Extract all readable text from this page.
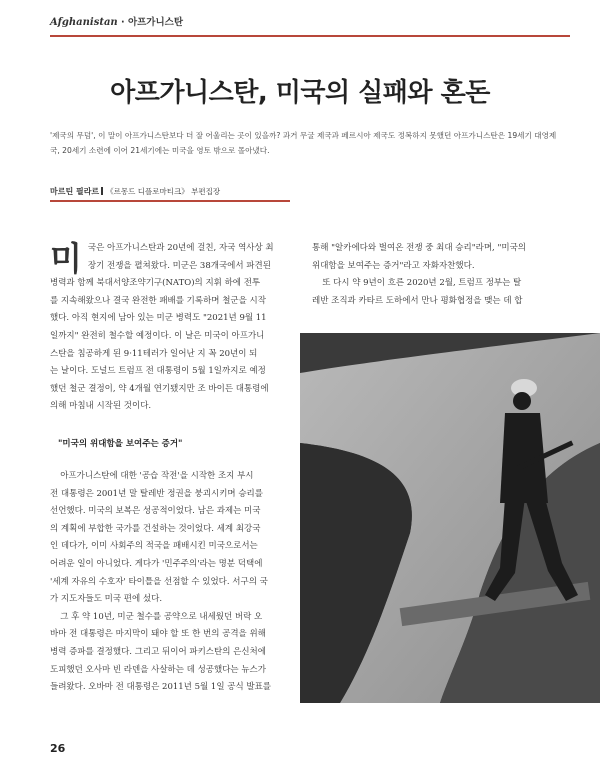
Afghanistan · 아프가니스탄
아프가니스탄, 미국의 실패와 혼돈
'제국의 무덤', 이 말이 아프가니스탄보다 더 잘 어울리는 곳이 있을까? 과거 무굴 제국과 페르시아 제국도 정복하지 못했던 아프가니스탄은 19세기 대영제국, 20세기 소련에 이어 21세기에는 미국을 영토 밖으로 몰아냈다.
마르틴 필라르 《르몽드 디플로마티크》 부편집장
미 국은 아프가니스탄과 20년에 걸친, 자국 역사상 최
장기 전쟁을 펼쳐왔다. 미군은 38개국에서 파견된
병력과 함께 북대서양조약기구(NATO)의 지휘 하에 전투
를 지속해왔으나 결국 완전한 패배를 기록하며 철군을 시작
했다. 아직 현지에 남아 있는 미군 병력도 "2021년 9월 11
일까지" 완전히 철수할 예정이다. 이 날은 미국이 아프가니
스탄을 침공하게 된 9·11테러가 일어난 지 꼭 20년이 되
는 날이다. 도널드 트럼프 전 대통령이 5월 1일까지로 예정
했던 철군 결정이, 약 4개월 연기됐지만 조 바이든 대통령에
의해 마침내 시작된 것이다.

"미국의 위대함을 보여주는 증거"

아프가니스탄에 대한 '공습 작전'을 시작한 조지 부시
전 대통령은 2001년 말 탈레반 정권을 붕괴시키며 승리를
선언했다. 미국의 보복은 성공적이었다. 남은 과제는 미국
의 계획에 부합한 국가를 건설하는 것이었다. 세계 최강국
인 데다가, 이미 사회주의 적국을 패배시킨 미국으로서는
어려운 일이 아니었다. 게다가 '민주주의'라는 명분 덕택에
'세계 자유의 수호자' 타이틀을 선점할 수 있었다. 서구의 국
가 지도자들도 미국 편에 섰다.

그 후 약 10년, 미군 철수를 공약으로 내세웠던 버락 오
바마 전 대통령은 마지막이 돼야 할 또 한 번의 공격을 위해
병력 증파를 결정했다. 그리고 뒤이어 파키스탄의 은신처에
도피했던 오사마 빈 라덴을 사살하는 데 성공했다는 뉴스가
들려왔다. 오바마 전 대통령은 2011년 5월 1일 공식 발표를

통해 "알카에다와 벌여온 전쟁 중 최대 승리"라며, "미국의
위대함을 보여주는 증거"라고 자화자찬했다.

또 다시 약 9년이 흐른 2020년 2월, 트럼프 정부는 탈
레반 조직과 카타르 도하에서 만나 평화협정을 맺는 데 합

26
